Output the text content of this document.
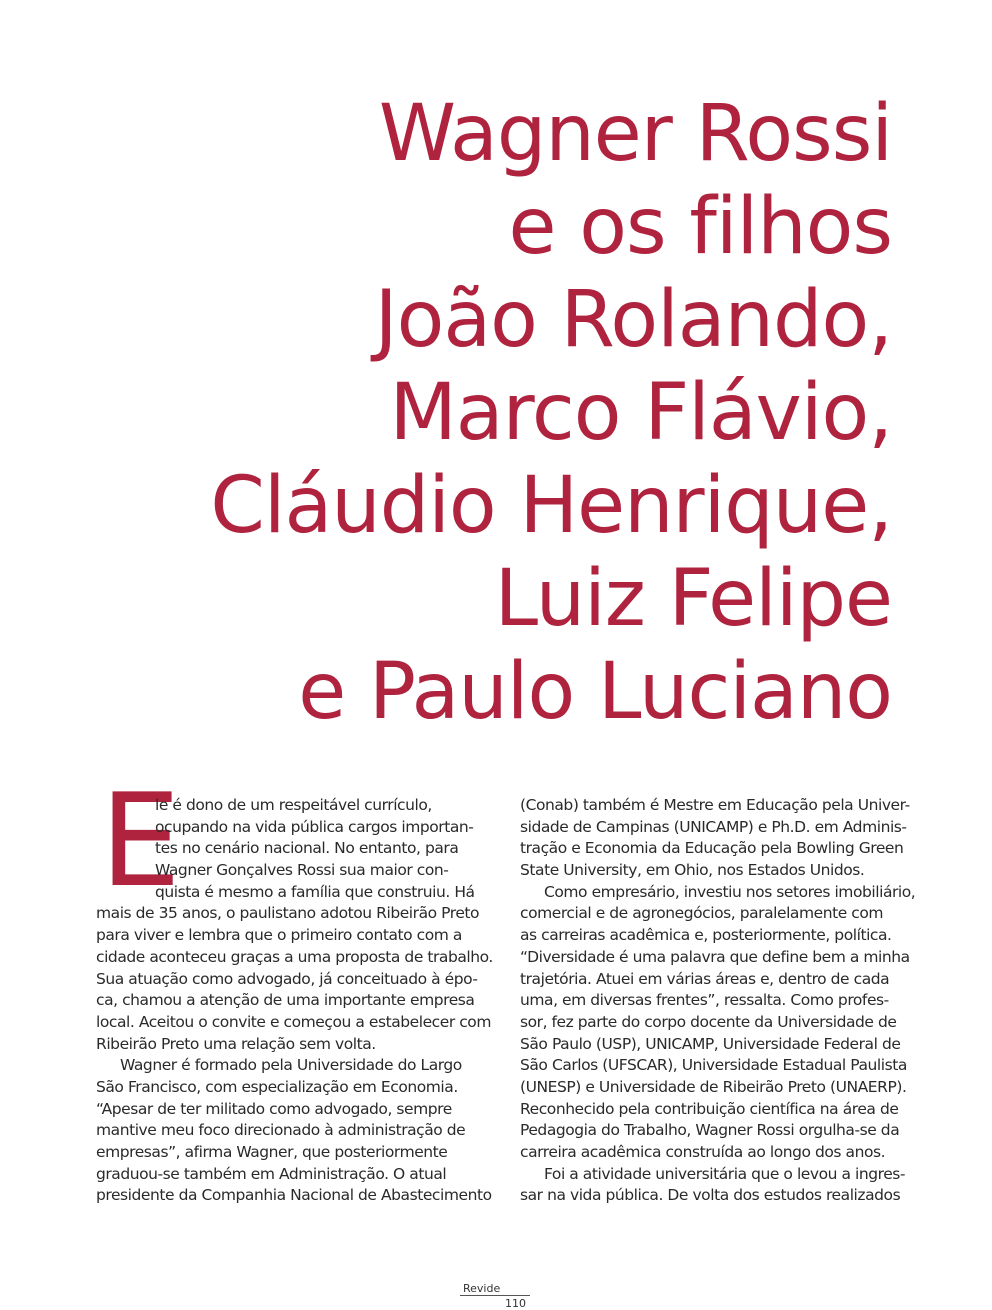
Wagner Rossi
e os filhos
João Rolando,
Marco Flávio,
Cláudio Henrique,
Luiz Felipe
e Paulo Luciano
E
le é dono de um respeitável currículo,
ocupando na vida pública cargos importan-
tes no cenário nacional. No entanto, para
Wagner Gonçalves Rossi sua maior con-
quista é mesmo a família que construiu. Há
mais de 35 anos, o paulistano adotou Ribeirão Preto
para viver e lembra que o primeiro contato com a
cidade aconteceu graças a uma proposta de trabalho.
Sua atuação como advogado, já conceituado à épo-
ca, chamou a atenção de uma importante empresa
local. Aceitou o convite e começou a estabelecer com
Ribeirão Preto uma relação sem volta.
Wagner é formado pela Universidade do Largo
São Francisco, com especialização em Economia.
“Apesar de ter militado como advogado, sempre
mantive meu foco direcionado à administração de
empresas”, afirma Wagner, que posteriormente
graduou-se também em Administração. O atual
presidente da Companhia Nacional de Abastecimento
(Conab) também é Mestre em Educação pela Univer-
sidade de Campinas (UNICAMP) e Ph.D. em Adminis-
tração e Economia da Educação pela Bowling Green
State University, em Ohio, nos Estados Unidos.
Como empresário, investiu nos setores imobiliário,
comercial e de agronegócios, paralelamente com
as carreiras acadêmica e, posteriormente, política.
“Diversidade é uma palavra que define bem a minha
trajetória. Atuei em várias áreas e, dentro de cada
uma, em diversas frentes”, ressalta. Como profes-
sor, fez parte do corpo docente da Universidade de
São Paulo (USP), UNICAMP, Universidade Federal de
São Carlos (UFSCAR), Universidade Estadual Paulista
(UNESP) e Universidade de Ribeirão Preto (UNAERP).
Reconhecido pela contribuição científica na área de
Pedagogia do Trabalho, Wagner Rossi orgulha-se da
carreira acadêmica construída ao longo dos anos.
Foi a atividade universitária que o levou a ingres-
sar na vida pública. De volta dos estudos realizados
Revide
110
